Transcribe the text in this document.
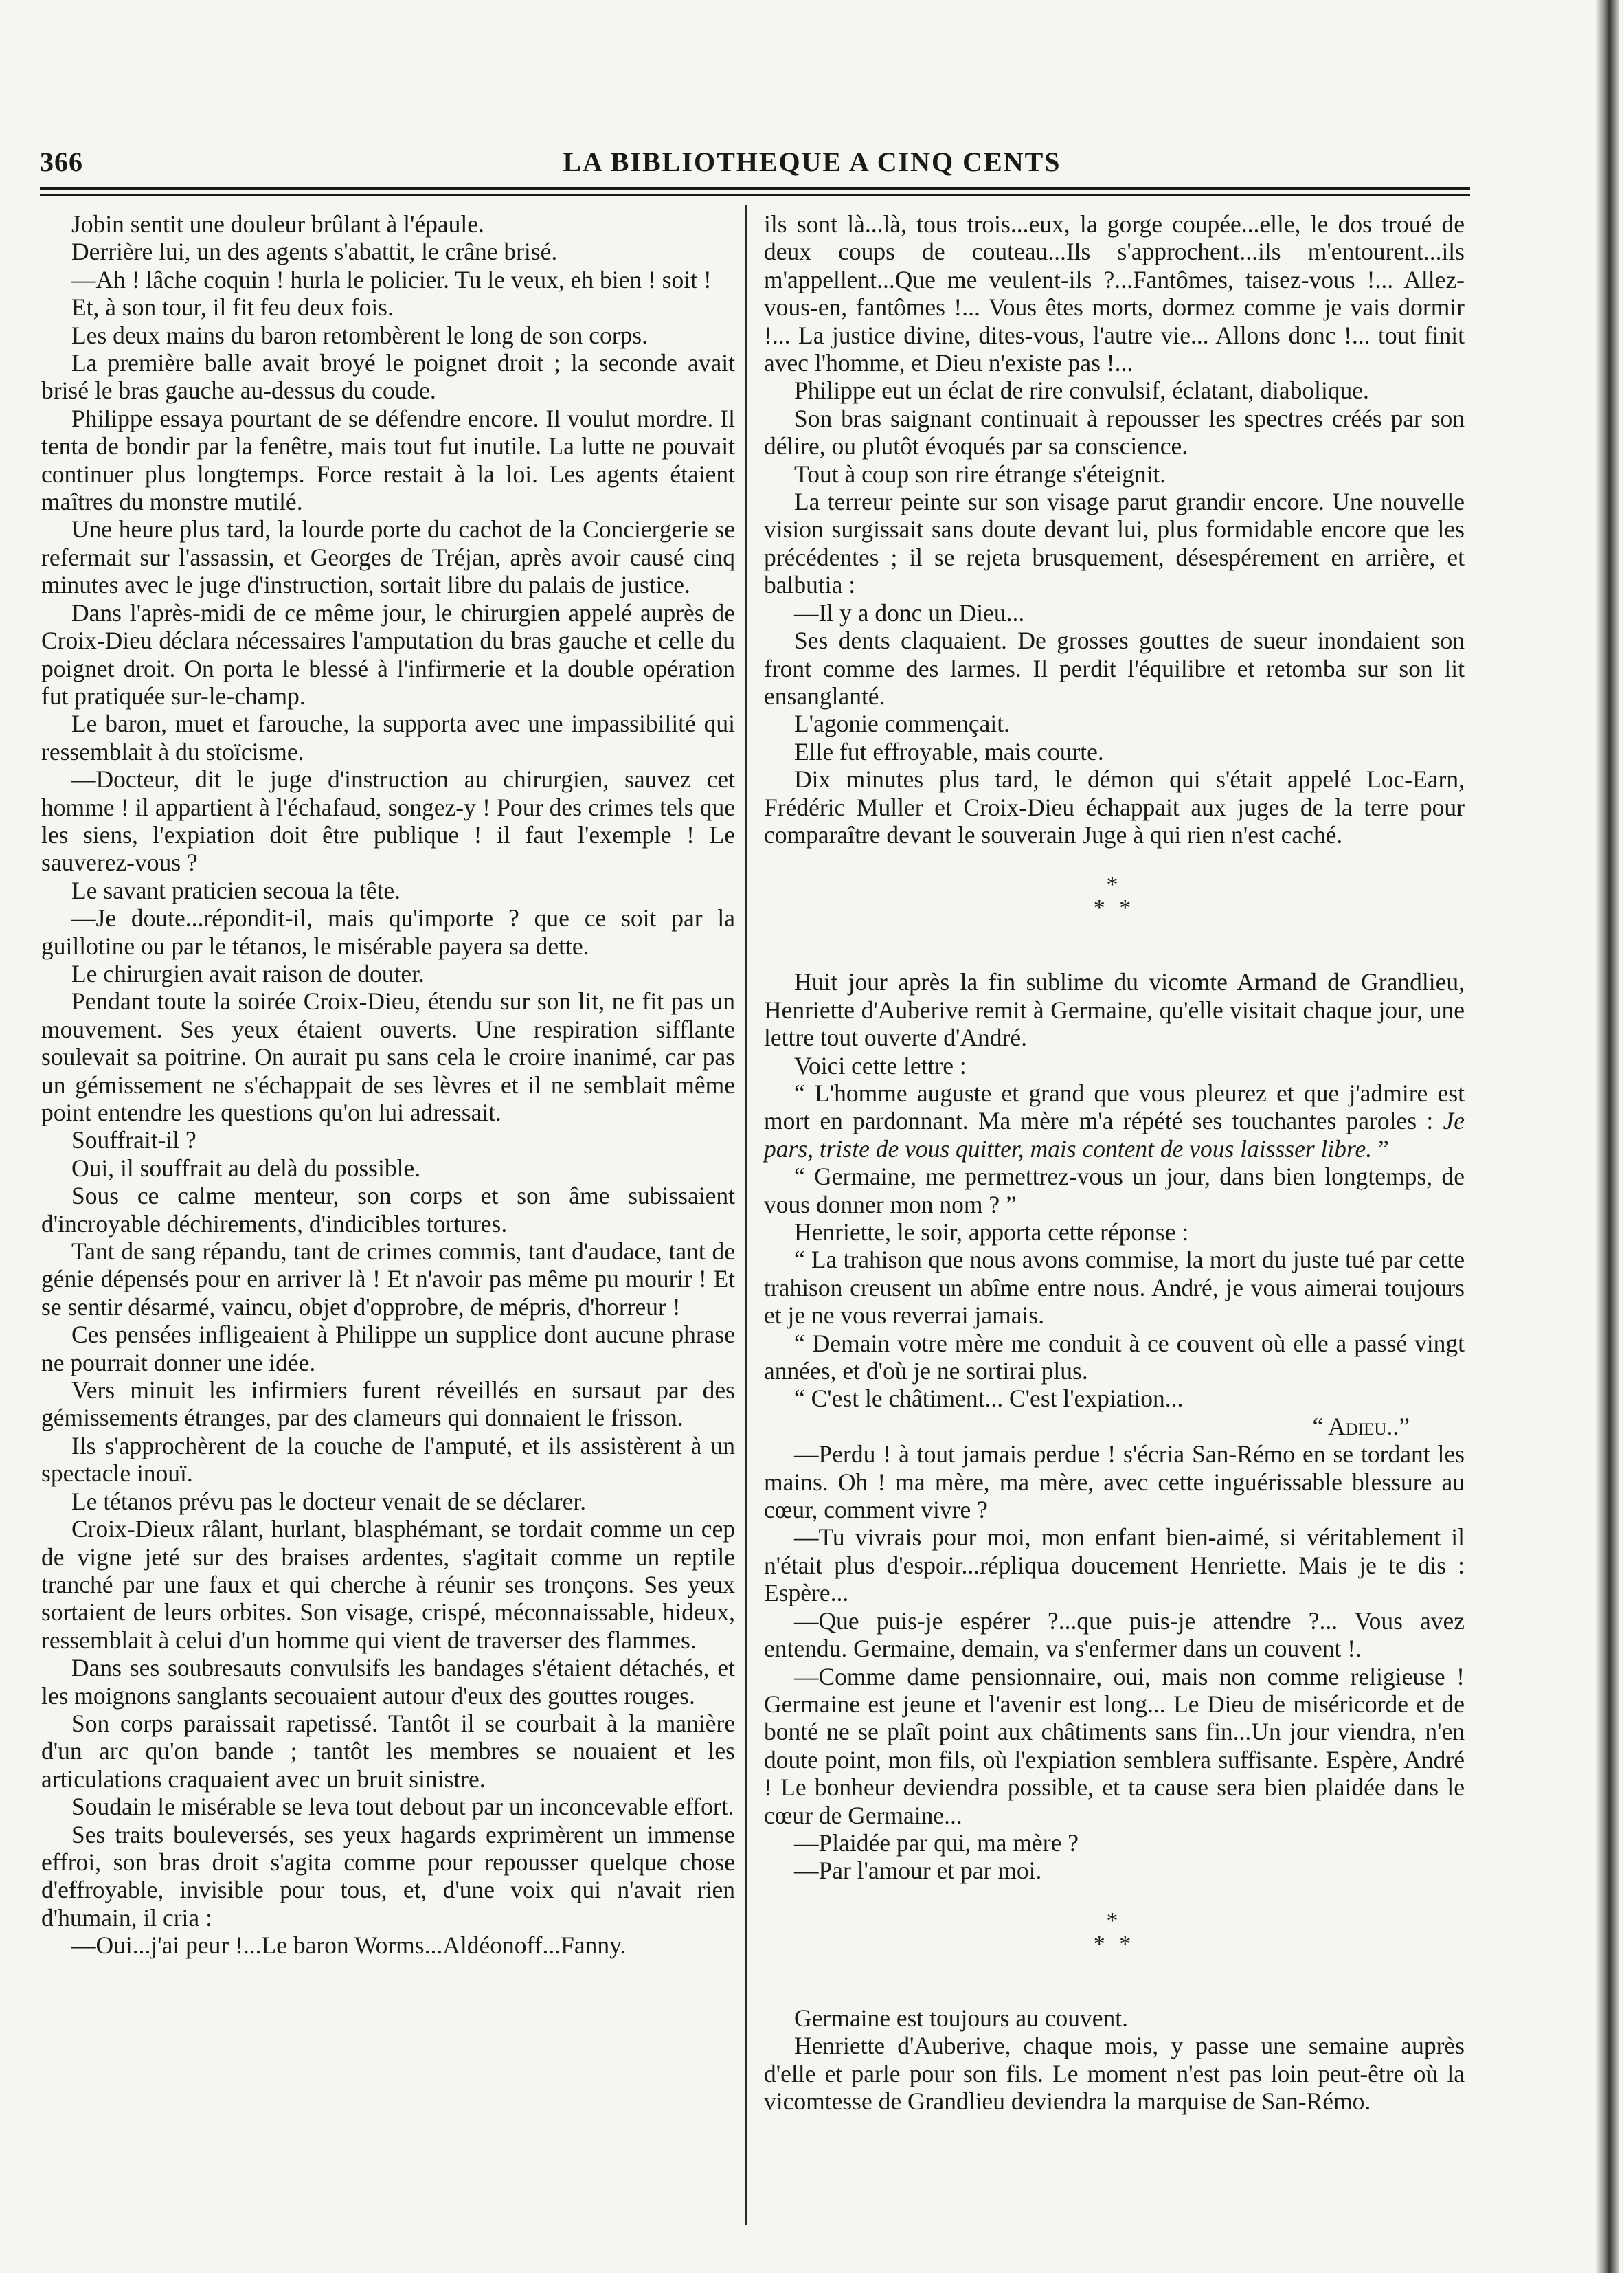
366	LA BIBLIOTHEQUE A CINQ CENTS

Jobin sentit une douleur brûlant à l'épaule.

Derrière lui, un des agents s'abattit, le crâne brisé.

—Ah ! lâche coquin ! hurla le policier. Tu le veux, eh bien ! soit !

Et, à son tour, il fit feu deux fois.

Les deux mains du baron retombèrent le long de son corps.

La première balle avait broyé le poignet droit ; la seconde avait brisé le bras gauche au-dessus du coude.

Philippe essaya pourtant de se défendre encore. Il voulut mordre. Il tenta de bondir par la fenêtre, mais tout fut inutile. La lutte ne pouvait continuer plus longtemps. Force restait à la loi. Les agents étaient maîtres du monstre mutilé.

Une heure plus tard, la lourde porte du cachot de la Conciergerie se refermait sur l'assassin, et Georges de Tréjan, après avoir causé cinq minutes avec le juge d'instruction, sortait libre du palais de justice.

Dans l'après-midi de ce même jour, le chirurgien appelé auprès de Croix-Dieu déclara nécessaires l'amputation du bras gauche et celle du poignet droit. On porta le blessé à l'infirmerie et la double opération fut pratiquée sur-le-champ.

Le baron, muet et farouche, la supporta avec une impassibilité qui ressemblait à du stoïcisme.

—Docteur, dit le juge d'instruction au chirurgien, sauvez cet homme ! il appartient à l'échafaud, songez-y ! Pour des crimes tels que les siens, l'expiation doit être publique ! il faut l'exemple ! Le sauverez-vous ?

Le savant praticien secoua la tête.

—Je doute...répondit-il, mais qu'importe ? que ce soit par la guillotine ou par le tétanos, le misérable payera sa dette.

Le chirurgien avait raison de douter.

Pendant toute la soirée Croix-Dieu, étendu sur son lit, ne fit pas un mouvement. Ses yeux étaient ouverts. Une respiration sifflante soulevait sa poitrine. On aurait pu sans cela le croire inanimé, car pas un gémissement ne s'échappait de ses lèvres et il ne semblait même point entendre les questions qu'on lui adressait.

Souffrait-il ?

Oui, il souffrait au delà du possible.

Sous ce calme menteur, son corps et son âme subissaient d'incroyable déchirements, d'indicibles tortures.

Tant de sang répandu, tant de crimes commis, tant d'audace, tant de génie dépensés pour en arriver là ! Et n'avoir pas même pu mourir ! Et se sentir désarmé, vaincu, objet d'opprobre, de mépris, d'horreur !

Ces pensées infligeaient à Philippe un supplice dont aucune phrase ne pourrait donner une idée.

Vers minuit les infirmiers furent réveillés en sursaut par des gémissements étranges, par des clameurs qui donnaient le frisson.

Ils s'approchèrent de la couche de l'amputé, et ils assistèrent à un spectacle inouï.

Le tétanos prévu pas le docteur venait de se déclarer.

Croix-Dieux râlant, hurlant, blasphémant, se tordait comme un cep de vigne jeté sur des braises ardentes, s'agitait comme un reptile tranché par une faux et qui cherche à réunir ses tronçons. Ses yeux sortaient de leurs orbites. Son visage, crispé, méconnaissable, hideux, ressemblait à celui d'un homme qui vient de traverser des flammes.

Dans ses soubresauts convulsifs les bandages s'étaient détachés, et les moignons sanglants secouaient autour d'eux des gouttes rouges.

Son corps paraissait rapetissé. Tantôt il se courbait à la manière d'un arc qu'on bande ; tantôt les membres se nouaient et les articulations craquaient avec un bruit sinistre.

Soudain le misérable se leva tout debout par un inconcevable effort.

Ses traits bouleversés, ses yeux hagards exprimèrent un immense effroi, son bras droit s'agita comme pour repousser quelque chose d'effroyable, invisible pour tous, et, d'une voix qui n'avait rien d'humain, il cria :

—Oui...j'ai peur !...Le baron Worms...Aldéonoff...Fanny.

ils sont là...là, tous trois...eux, la gorge coupée...elle, le dos troué de deux coups de couteau...Ils s'approchent...ils m'entourent...ils m'appellent...Que me veulent-ils ?...Fantômes, taisez-vous !... Allez-vous-en, fantômes !... Vous êtes morts, dormez comme je vais dormir !... La justice divine, dites-vous, l'autre vie... Allons donc !... tout finit avec l'homme, et Dieu n'existe pas !...

Philippe eut un éclat de rire convulsif, éclatant, diabolique.

Son bras saignant continuait à repousser les spectres créés par son délire, ou plutôt évoqués par sa conscience.

Tout à coup son rire étrange s'éteignit.

La terreur peinte sur son visage parut grandir encore. Une nouvelle vision surgissait sans doute devant lui, plus formidable encore que les précédentes ; il se rejeta brusquement, désespérement en arrière, et balbutia :

—Il y a donc un Dieu...

Ses dents claquaient. De grosses gouttes de sueur inondaient son front comme des larmes. Il perdit l'équilibre et retomba sur son lit ensanglanté.

L'agonie commençait.

Elle fut effroyable, mais courte.

Dix minutes plus tard, le démon qui s'était appelé Loc-Earn, Frédéric Muller et Croix-Dieu échappait aux juges de la terre pour comparaître devant le souverain Juge à qui rien n'est caché.

*
* *

Huit jour après la fin sublime du vicomte Armand de Grandlieu, Henriette d'Auberive remit à Germaine, qu'elle visitait chaque jour, une lettre tout ouverte d'André.

Voici cette lettre :

“ L'homme auguste et grand que vous pleurez et que j'admire est mort en pardonnant. Ma mère m'a répété ses touchantes paroles : Je pars, triste de vous quitter, mais content de vous laissser libre. ”

“ Germaine, me permettrez-vous un jour, dans bien longtemps, de vous donner mon nom ? ”

Henriette, le soir, apporta cette réponse :

“ La trahison que nous avons commise, la mort du juste tué par cette trahison creusent un abîme entre nous. André, je vous aimerai toujours et je ne vous reverrai jamais.

“ Demain votre mère me conduit à ce couvent où elle a passé vingt années, et d'où je ne sortirai plus.

“ C'est le châtiment... C'est l'expiation...

“ Adieu..”

—Perdu ! à tout jamais perdue ! s'écria San-Rémo en se tordant les mains. Oh ! ma mère, ma mère, avec cette inguérissable blessure au cœur, comment vivre ?

—Tu vivrais pour moi, mon enfant bien-aimé, si véritablement il n'était plus d'espoir...répliqua doucement Henriette. Mais je te dis : Espère...

—Que puis-je espérer ?...que puis-je attendre ?... Vous avez entendu. Germaine, demain, va s'enfermer dans un couvent !.

—Comme dame pensionnaire, oui, mais non comme religieuse ! Germaine est jeune et l'avenir est long... Le Dieu de miséricorde et de bonté ne se plaît point aux châtiments sans fin...Un jour viendra, n'en doute point, mon fils, où l'expiation semblera suffisante. Espère, André ! Le bonheur deviendra possible, et ta cause sera bien plaidée dans le cœur de Germaine...

—Plaidée par qui, ma mère ?

—Par l'amour et par moi.

*
* *

Germaine est toujours au couvent.

Henriette d'Auberive, chaque mois, y passe une semaine auprès d'elle et parle pour son fils. Le moment n'est pas loin peut-être où la vicomtesse de Grandlieu deviendra la marquise de San-Rémo.
